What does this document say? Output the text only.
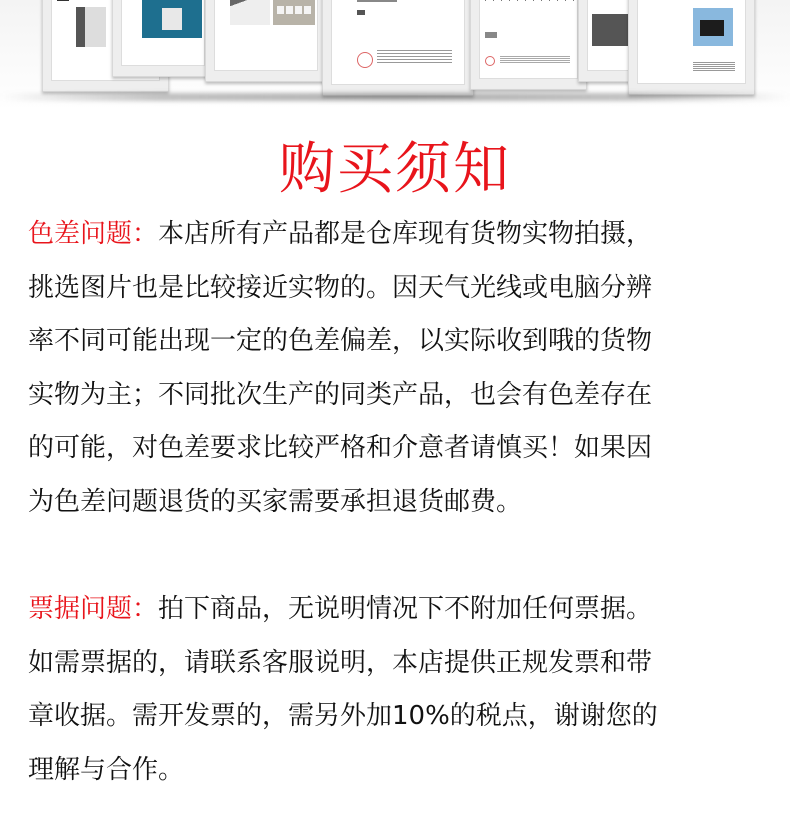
购买须知

色差问题：本店所有产品都是仓库现有货物实物拍摄，

挑选图片也是比较接近实物的。因天气光线或电脑分辨

率不同可能出现一定的色差偏差，以实际收到哦的货物

实物为主；不同批次生产的同类产品，也会有色差存在

的可能，对色差要求比较严格和介意者请慎买！如果因

为色差问题退货的买家需要承担退货邮费。

票据问题：拍下商品，无说明情况下不附加任何票据。

如需票据的，请联系客服说明，本店提供正规发票和带

章收据。需开发票的，需另外加10%的税点，谢谢您的

理解与合作。
